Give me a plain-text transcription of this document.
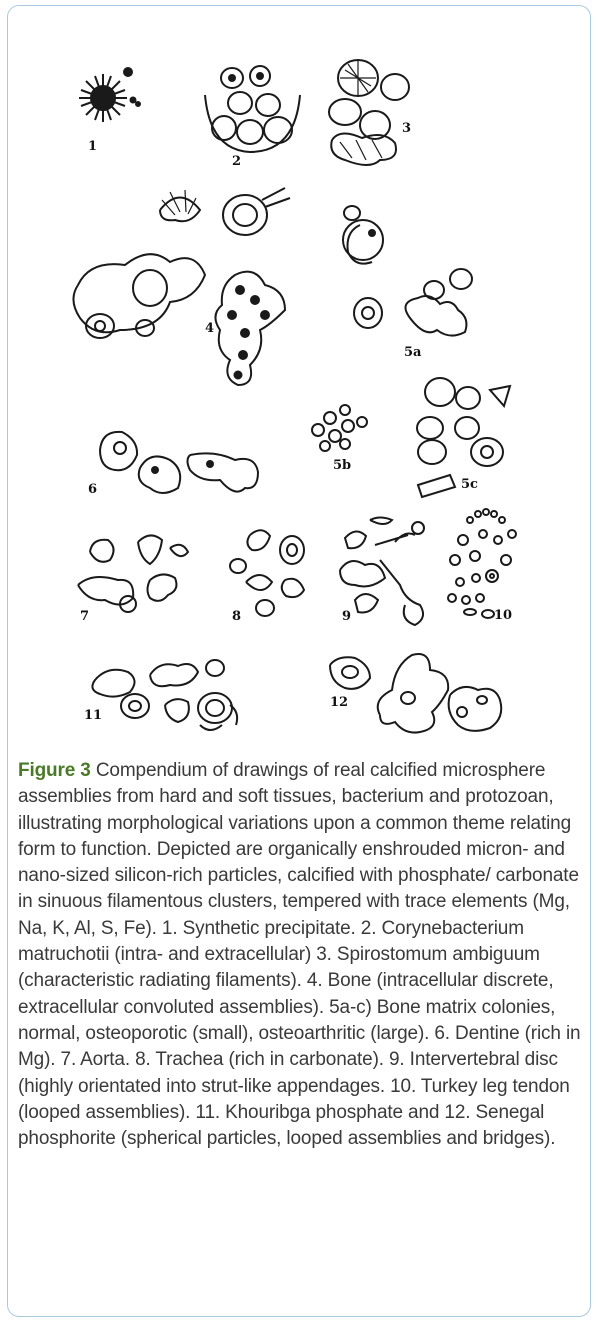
1
2
3
4
5a
6
5b
5c
7	8	9	10
11
12
Figure 3 Compendium of drawings of real calcified microsphere assemblies from hard and soft tissues, bacterium and protozoan, illustrating morphological variations upon a common theme relating form to function. Depicted are organically enshrouded micron- and nano-sized silicon-rich particles, calcified with phosphate/ carbonate in sinuous filamentous clusters, tempered with trace elements (Mg, Na, K, Al, S, Fe). 1. Synthetic precipitate. 2. Corynebacterium matruchotii (intra- and extracellular) 3. Spirostomum ambiguum (characteristic radiating filaments). 4. Bone (intracellular discrete, extracellular convoluted assemblies). 5a-c) Bone matrix colonies, normal, osteoporotic (small), osteoarthritic (large). 6. Dentine (rich in Mg). 7. Aorta. 8. Trachea (rich in carbonate). 9. Intervertebral disc (highly orientated into strut-like appendages. 10. Turkey leg tendon (looped assemblies). 11. Khouribga phosphate and 12. Senegal phosphorite (spherical particles, looped assemblies and bridges).
